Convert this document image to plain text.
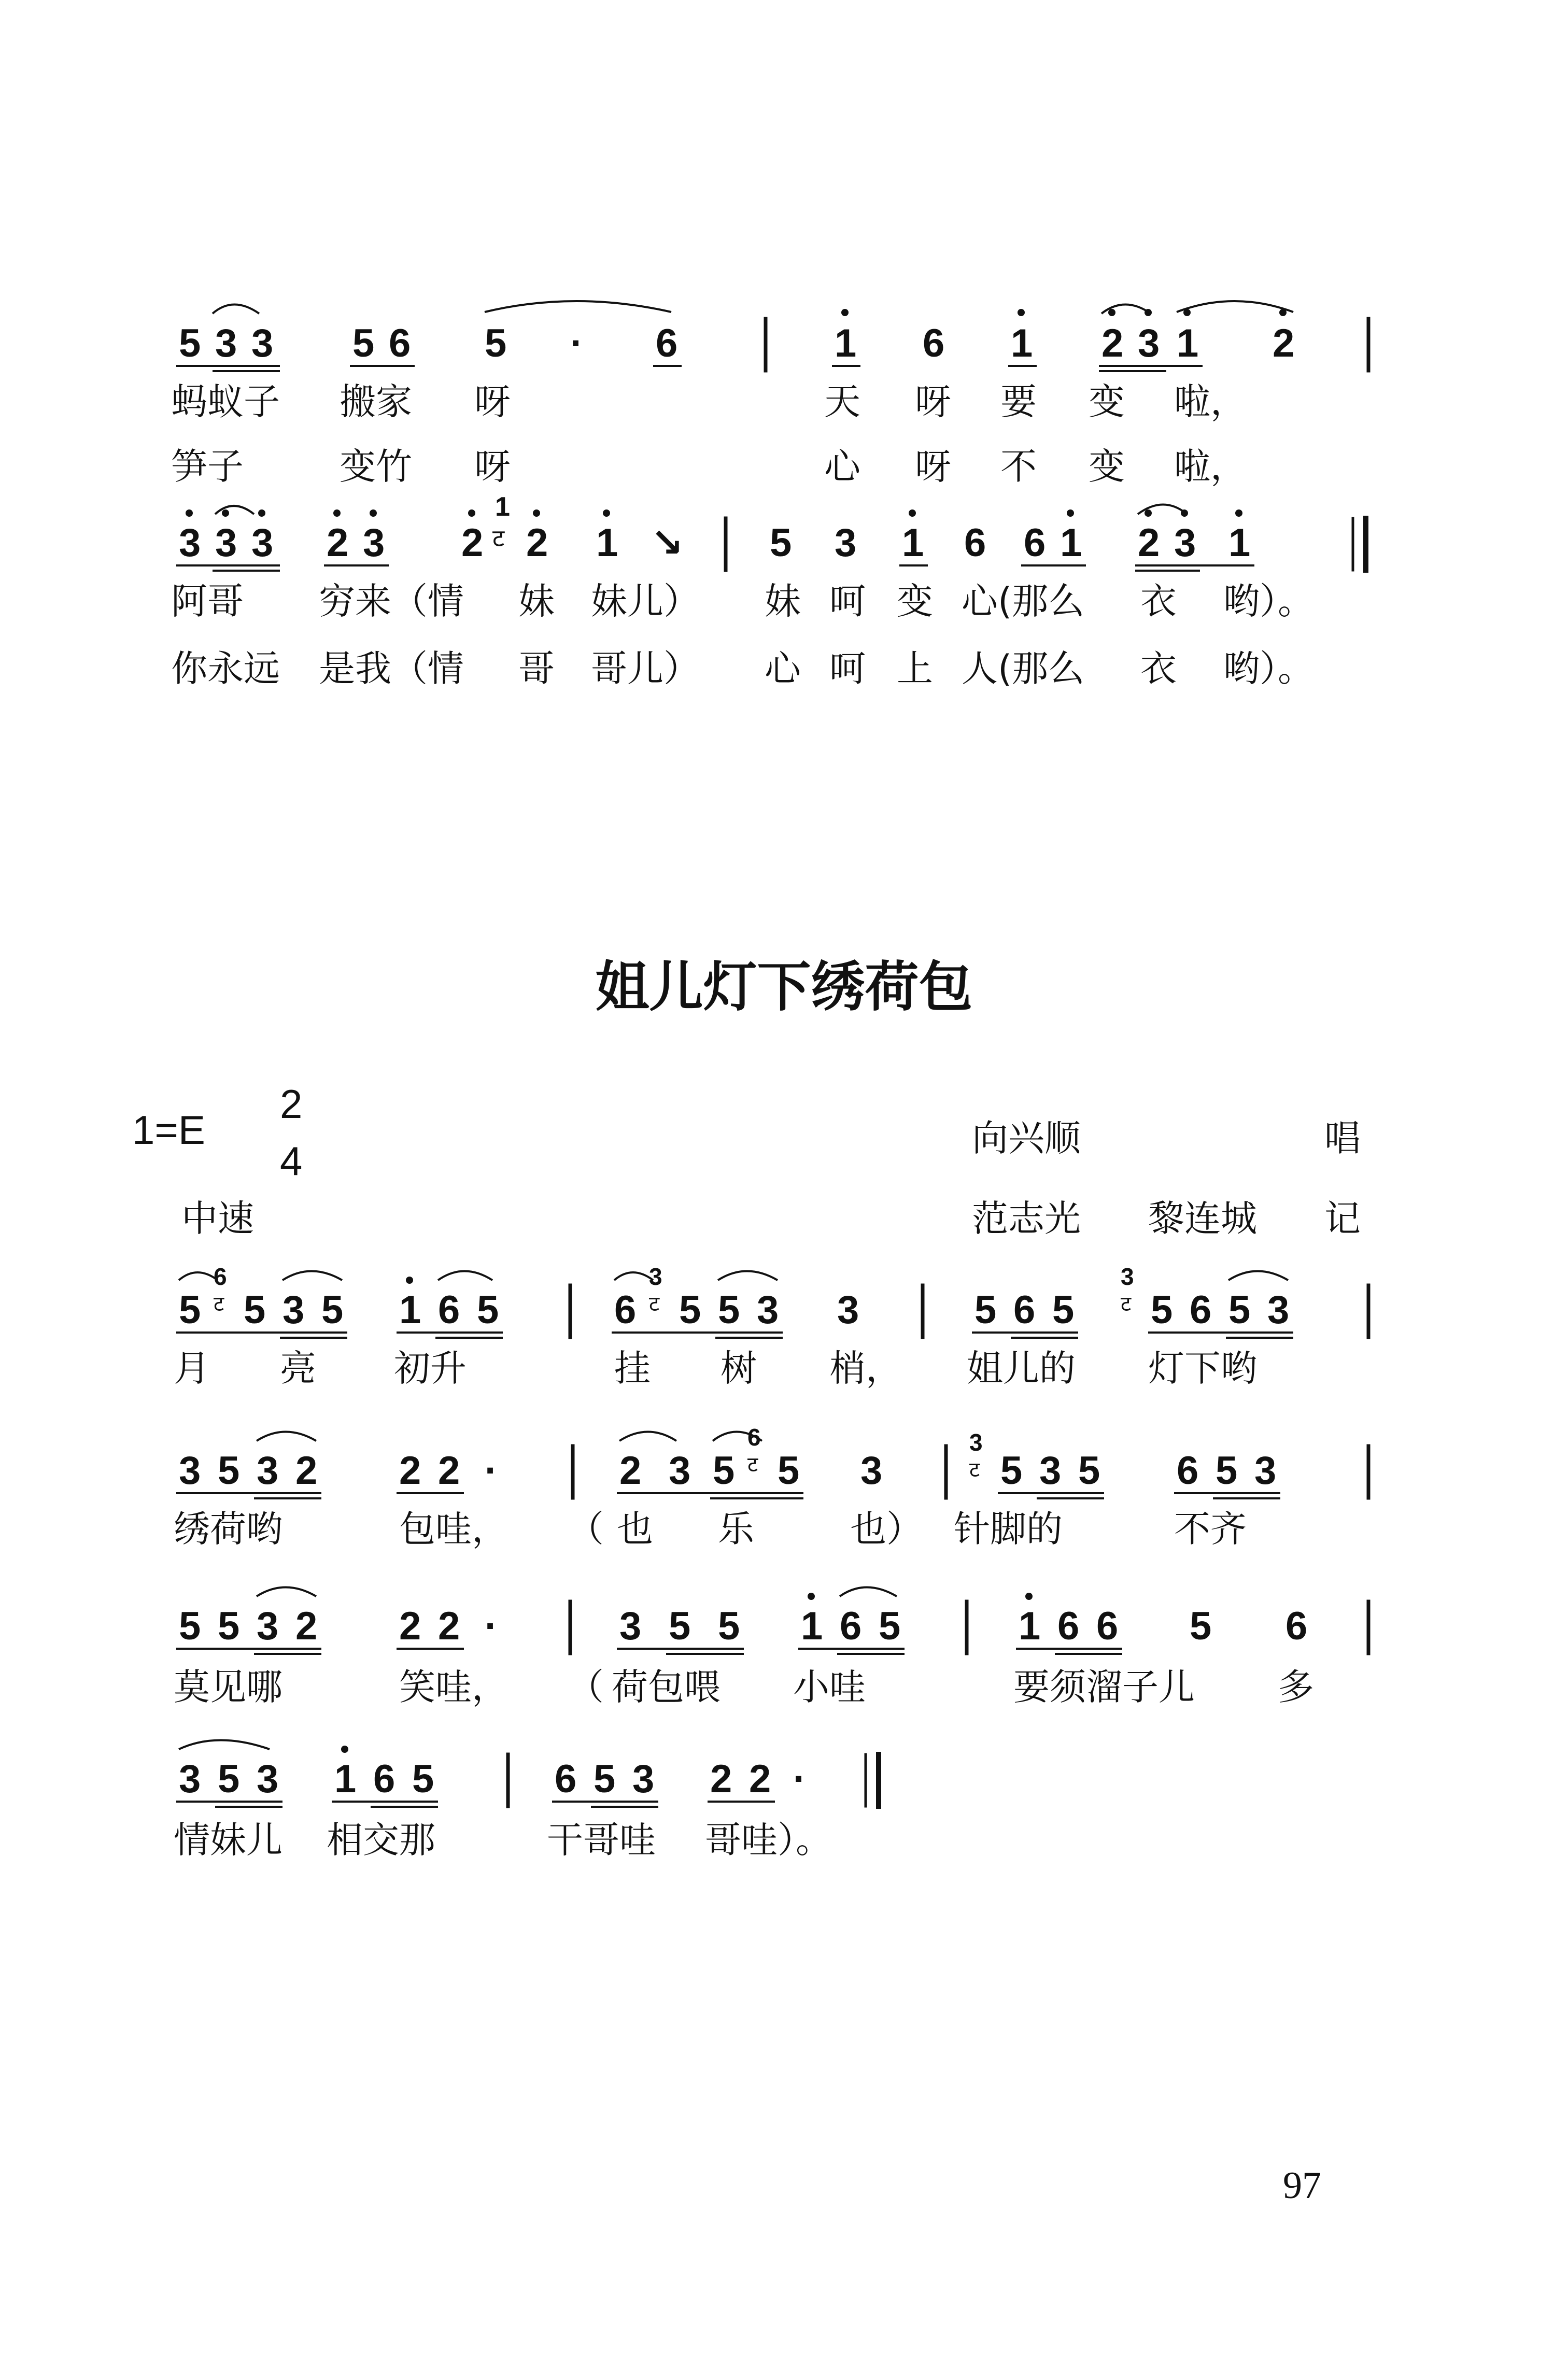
5 3 3 5 6 5 · 6	1 6 1 2 3 1 2
蚂蚁子 搬家 呀	天 呀 要 变 啦，
笋子	变竹 呀	心 呀 不 变 啦，
3 3 3 2 3 2 2 1 ↘ 5 3 1 6 6 1 2 3 1
ट
1
阿哥 穷来（情 妹 妹儿） 妹 呵 变 心(那么 衣 哟）。
你永远 是我（情 哥 哥儿） 心 呵 上 人(那么 衣 哟）。
姐儿灯下绣荷包
1=E
2
4
中速
向兴顺	唱
范志光 黎连城 记
5 5 3 5 1 6 5	6 5 5 3 3	5 6 5 5 6 5 3
6
ट
3
ट
3
ट
月 亮 初升	挂 树 梢， 姐儿的 灯下哟
3 5 3 2 2 2 ·	2 3 5 5 3	5 3 5 6 5 3
6
ट
3
ट
绣荷哟	包哇， （ 也 乐	也） 针脚的	不齐
5 5 3 2 2 2 ·	3 5 5 1 6 5	1 6 6 5 6
莫见哪	笑哇， （ 荷包喂 小哇	要须溜子儿 多
3 5 3 1 6 5	6 5 3 2 2 ·
情妹儿 相交那	干哥哇 哥哇）。
97
